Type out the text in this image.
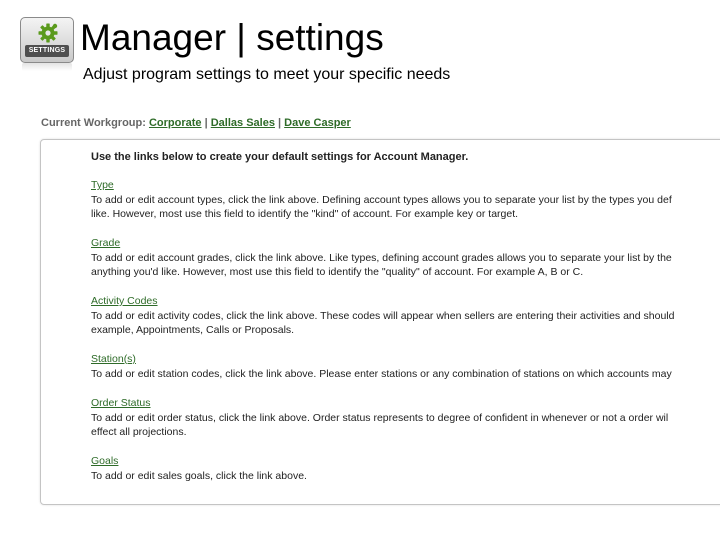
SETTINGS Manager | settings
Adjust program settings to meet your specific needs
Current Workgroup: Corporate | Dallas Sales | Dave Casper
Use the links below to create your default settings for Account Manager.
Type
To add or edit account types, click the link above. Defining account types allows you to separate your list by the types you def
like. However, most use this field to identify the "kind" of account. For example key or target.
Grade
To add or edit account grades, click the link above. Like types, defining account grades allows you to separate your list by the
anything you'd like. However, most use this field to identify the "quality" of account. For example A, B or C.
Activity Codes
To add or edit activity codes, click the link above. These codes will appear when sellers are entering their activities and should
example, Appointments, Calls or Proposals.
Station(s)
To add or edit station codes, click the link above. Please enter stations or any combination of stations on which accounts may
Order Status
To add or edit order status, click the link above. Order status represents to degree of confident in whenever or not a order wil
effect all projections.
Goals
To add or edit sales goals, click the link above.
